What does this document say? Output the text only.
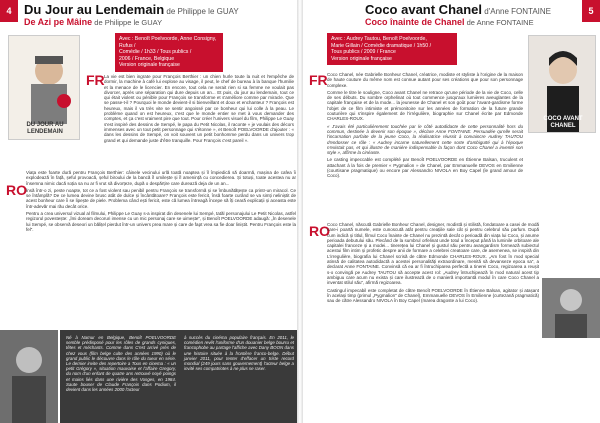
4 Du Jour au Lendemain de Philippe le GUAY
De Azi pe Mâine de Philippe le GUAY
DU JOUR AU LENDEMAIN
Avec : Benoît Poelvoorde, Anne Consigny, Rufus /
Comédie / 1h33 / Tous publics /
2006 / France, Belgique
Version originale française
FR La vie est bien ingrate pour François Berthier : un chien hurle toute la nuit et l'empêche de dormir, la machine à café lui explose au visage, il peut, le chef de bureau à la banque l'humilie et la menace de le licencier. En encore, tout cela ne serait rien si sa femme ne voulait pas divorcer, après une séparation qui dure depuis un an... Et puis, du jour au lendemain, tout ce qui était violent ou pénible pour François se transforme et s'améliore comme par miracle. Que se passe-t-il ? Pourquoi le monde devient-il si bienveillant et doux et enchanteur ? François est heureux, mais il va très vite se sentir angoissé par ce bonheur qui lui colle à la peau. Le problème quand on est heureux, c'est que le monde entier se met à vous demander des comptes, et ça c'est vraiment pire que tout. Pour créer l'univers visuel du film, Philippe Le Guay s'est inspiré des dessins de Sempé, le papa du Petit Nicolas, il raconte « je voulais des décors immenses avec un tout petit personnage qui s'étonne », et Benoît POELVOORDE d'ajouter : « dans les dessins de Sempé, on voit souvent un petit bonhomme perdu dans un univers trop grand et qui demande juste d'être tranquille. Pour François c'est pareil ».

RO

Viața este foarte dură pentru François Berthier: câinele vecinului urlă toată noaptea și îl împiedică să doarmă, mașina de cafea îi explodează în față, șeful provoacă, șeful biroului de la bancă îl umilește și îl amenință cu concedierea. Și totuși, toate acestea nu ar însemna nimic dacă soția sa nu ar fi vrut să divorțeze, după o despărțire care durează deja de un an...

Însă într-o zi, peste noapte, tot ce a fost violent sau penibil pentru François se transformă și se îmbunătățește ca printr-un miracol. Ce se întâmplă? De ce lumea devine brusc atât de dulce și încântătoare? François este fericit, însă foarte curând se va simți neliniștit de acest bonheur care îi se lipește de piele. Problema când ești fericit, este că lumea întreagă începe să îți ceară explicații și aceasta este într-adevăr mai rău decât orice.

Pentru a crea universul vizual al filmului, Philippe Le Guay s-a inspirat din desenele lui Sempé, tatăl personajului Le Petit Nicolas, astfel regizorul povestește: „Îmi doream decoruri imense cu un mic personaj care se uimește”, și Benoît POELVOORDE adaugă: „În desenele lui Sempé, se observă deseori un bălițel pierdut într-un univers prea mare și care de fapt vrea sa fie doar liniștit. Pentru François este la fel”.

Né à Namur en Belgique, Benoît POELVOORDE semble prédisposé pour les rôles de grands cyniques, têtes et méchants. Comme dans C'est arrivé près de chez vous (film belge culte des années 1990) où le grand public le découvre dans le rôle du tueur en série. Le dernier invite des repertoire a Tous en cinema : « un petit Grégory », situation mauvaise et l'affaire Gregory, du nom d'un enfant de quatre ans retrouvé noyé poings et mains liés dans une rivière des Vosges, en 1984. Saute bouser de Claude François dans Podium, il devient dans les années 2000 l'acteur
à succès du cinéma populaire français. En 2011, le comédien revêt l'uniforme d'un douanier belge bourru et francophobe au partage l'affiche avec Dany BOON dans une histoire située à la frontière franco-belge. Début janvier 2011, pour tenter d'effacer un triste record mondial (249 jours sans gouvernement) l'acteur belge a invité ses compatriotes à ne plus se raser.
5
Coco avant Chanel d'Anne FONTAINE
Coco înainte de Chanel de Anne FONTAINE
Avec : Audrey Tautou, Benoît Poelvoorde,
Marie Gillain / Comédie dramatique / 1h50 /
Tous publics / 2009 / France
Version originale française
COCO AVANT CHANEL
FR Coco Chanel, née Gabrielle Bonheur Chanel, créatrice, modiste et styliste à l'origine de la maison de haute couture du même nom est connue autant pour ses créations que pour son personnage complexe.

Comme le titre le souligne, Coco avant Chanel ne retrace qu'une période de la vie de Coco, celle de ses débuts. Du sombre orphelinat où tout commence jusqu'aux lumières aveuglantes de la capitale française et de la mode... la jeunesse de Chanel et son goût pour l'avant-gardisme forme l'objet de ce film intimiste et prémonitoire sur les années de formation de la future grande couturière qui s'inspire également de l'irrégulière, biographie sur Chanel écrite par Edmonde CHARLES-ROUX.

« J'avais été particulièrement touchée par le côté autodidacte de cette personnalité hors du commun, destinée à devenir son époque », déclare Anne FONTAINE. Persuadée qu'elle serait l'incarnation parfaite de la jeune Coco, la réalisatrice réussit à convaincre Audrey TAUTOU d'endosser ce rôle : « Audrey incarne naturellement cette sorte d'ambiguïté qui à l'époque n'existait pas, et qui illustre de manière indispensable la façon dont Coco Chanel a inventé son style », affirme la cinéaste.

Le casting impeccable est complété par Benoît POELVOORDE en Étienne Balsan, truculent et attachant à la fois de premier « Pygmalion » de Chanel, par Emmanuelle DEVOS en Emilienne (courtisane pragmatique) ou encore par Alessandro NIVOLA en Boy Capel (le grand amour de Coco).

RO

Coco Chanel, născută Gabrielle Bonheur Chanel, designer, modistă și stilistă, fondatoare a casei de modă care-i poartă numele, este cunoscută atât pentru creațiile sale cât și pentru celebrul său parfum. După cum indică și titlul, filmul Coco înainte de Chanel nu prezintă decât o perioadă din viața lui Coco, și anume perioada debutului său. Plecând de la sumbrul orfelinat unde totul a început până la luminile orbitoare ale capitalei franceze și a modei... tinerețea lui Chanel și gustul său pentru avangardism formează subiectul acestui film intim și profetic despre anii de formare a celebrei creatoare care, de asemenea, se inspiră din L'irregulière, biografia lui Chanel scrisă de către Edmonde CHARLES-ROUX. „Am fost în mod special atinsă de calitatea autodidactă a acestei personalități extraordinare, menită să devanseze epoca sa”, a declarat Anne FONTAINE. Convinsă că ea ar fi întruchiparea perfectă a tinerei Coco, regizoarea a reușit s-o convingă pe Audrey TAUTOU să accepte acest rol: „Audrey întruchipează în mod natural acest tip ambiguu care acum nu exista și care ilustrează de o manieră importantă modul în care Coco Chanel a inventat stilul său”, afirmă regizoarea.

Castingul impecabil este completat de către Benoît POELVOORDE în Étienne Balsan, agitator și atașant în același timp (primul „Pygmalion” de Chanel), Emmanuelle DEVOS în Emilienne (curtezană pragmatică) sau de către Alessandro NIVOLA în Boy Capel (marea dragoste a lui Coco).
